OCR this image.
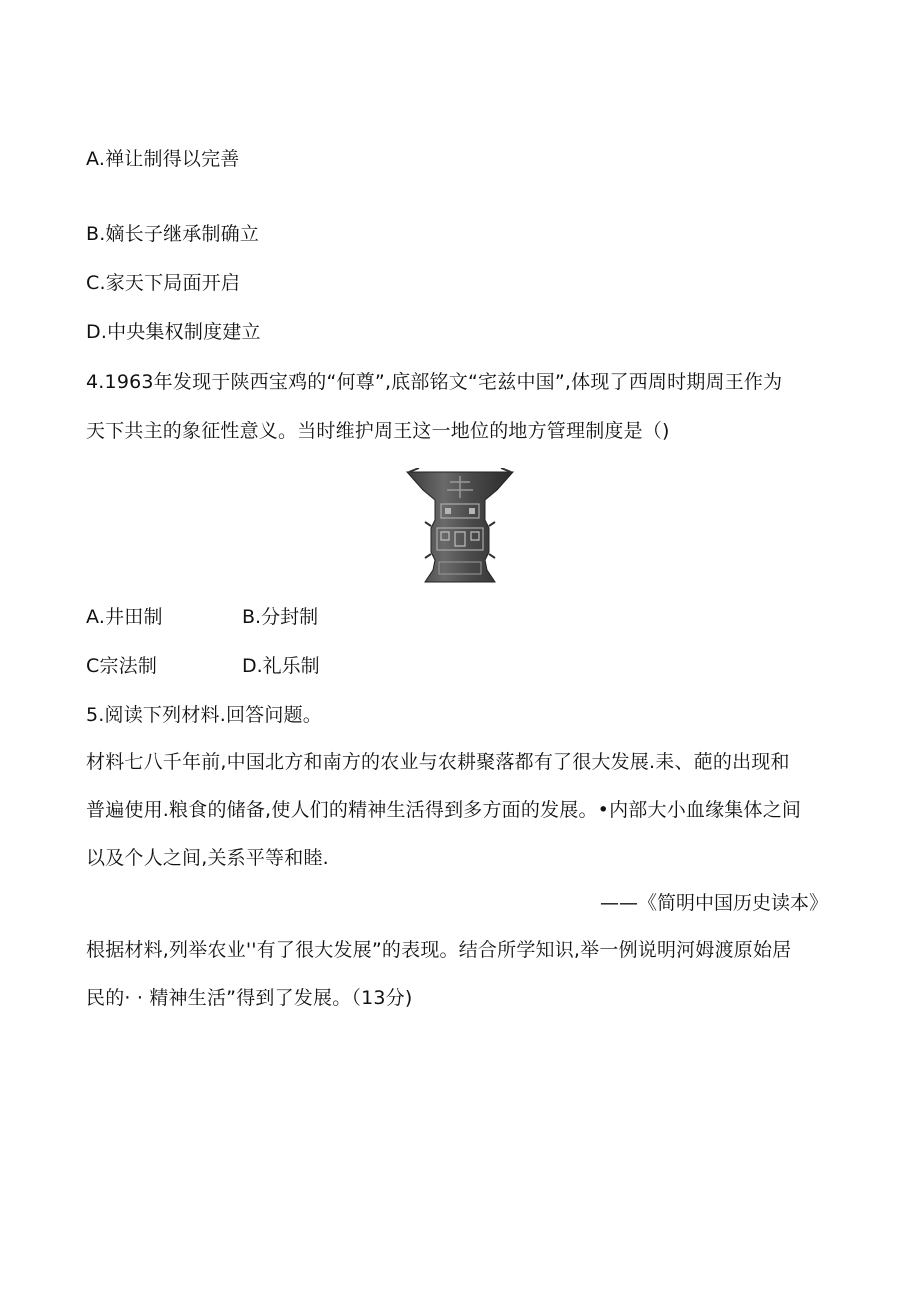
A.禅让制得以完善
B.嫡长子继承制确立
C.家天下局面开启
D.中央集权制度建立
4.1963年发现于陕西宝鸡的“何尊”,底部铭文“宅兹中国”,体现了西周时期周王作为
天下共主的象征性意义。当时维护周王这一地位的地方管理制度是（)
A.井田制	B.分封制
C宗法制	D.礼乐制
5.阅读下列材料.回答问题。
材料七八千年前,中国北方和南方的农业与农耕聚落都有了很大发展.耒、葩的出现和
普遍使用.粮食的储备,使人们的精神生活得到多方面的发展。•内部大小血缘集体之间
以及个人之间,关系平等和睦.
——《简明中国历史读本》
根据材料,列举农业''有了很大发展”的表现。结合所学知识,举一例说明河姆渡原始居
民的· · 精神生活”得到了发展。（13分)
